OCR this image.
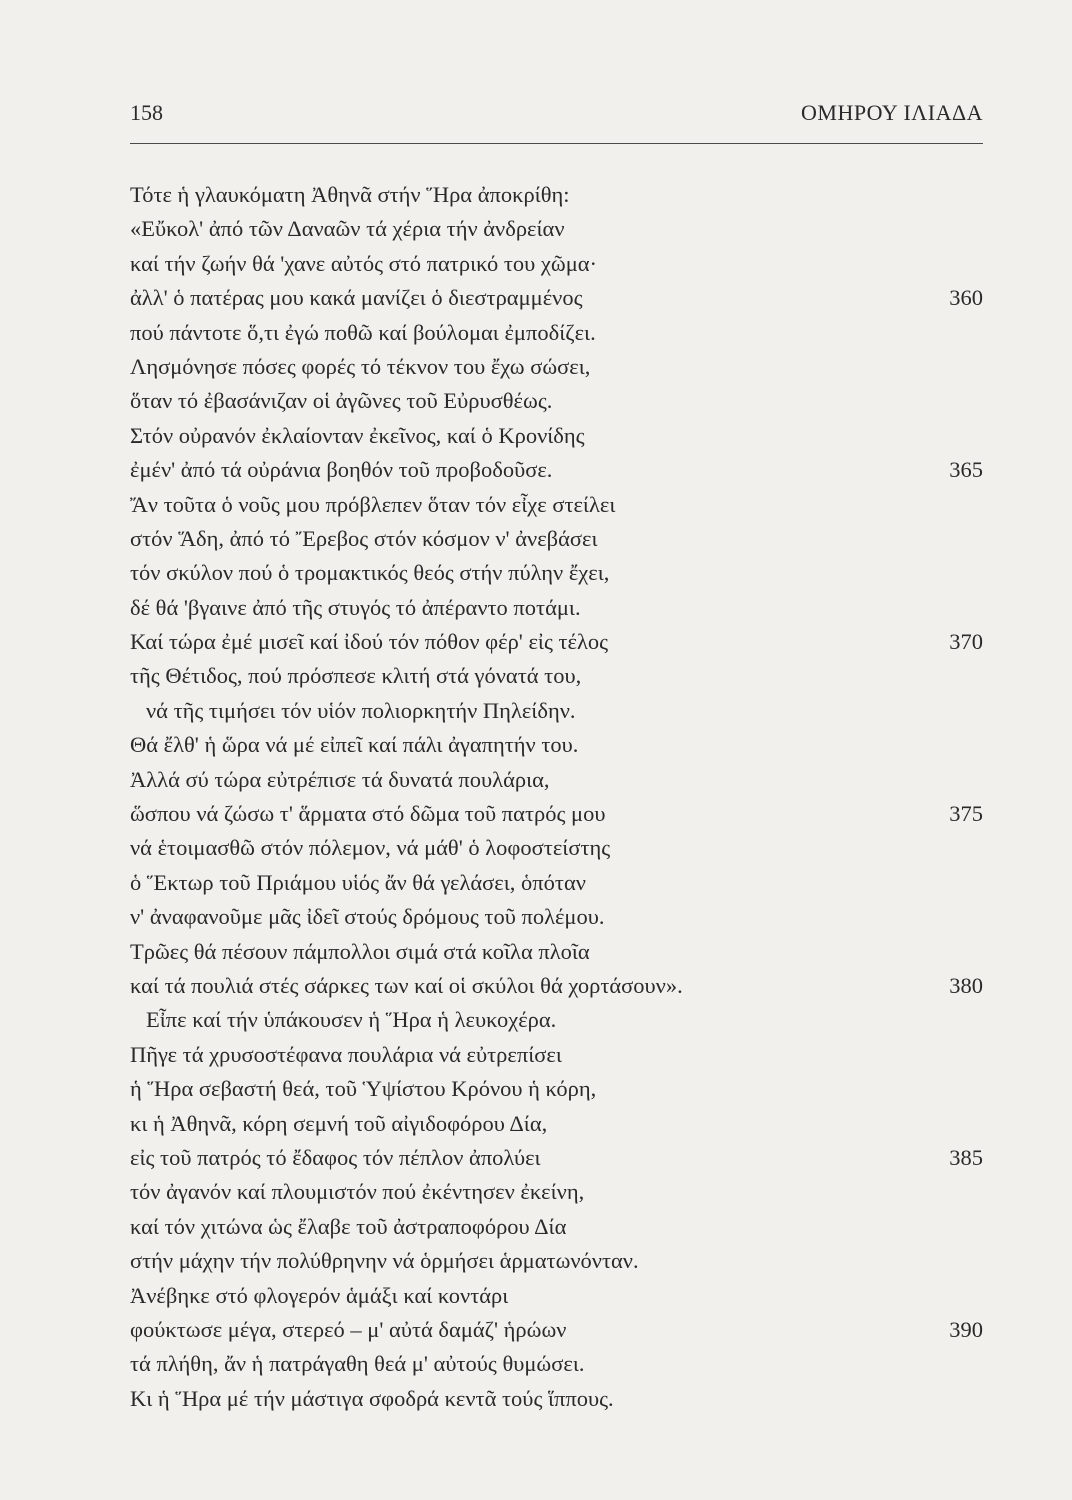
158	ΟΜΗΡΟΥ ΙΛΙΑΔΑ
Τότε ἡ γλαυκόματη Ἀθηνᾶ στήν Ἥρα ἀποκρίθη:
«Εὔκολ' ἀπό τῶν Δαναῶν τά χέρια τήν ἀνδρείαν
καί τήν ζωήν θά 'χανε αὐτός στό πατρικό του χῶμα·
ἀλλ' ὁ πατέρας μου κακά μανίζει ὁ διεστραμμένος	360
πού πάντοτε ὅ,τι ἐγώ ποθῶ καί βούλομαι ἐμποδίζει.
Λησμόνησε πόσες φορές τό τέκνον του ἔχω σώσει,
ὅταν τό ἐβασάνιζαν οἱ ἀγῶνες τοῦ Εὐρυσθέως.
Στόν οὐρανόν ἐκλαίονταν ἐκεῖνος, καί ὁ Κρονίδης
ἐμέν' ἀπό τά οὐράνια βοηθόν τοῦ προβοδοῦσε.	365
Ἄν τοῦτα ὁ νοῦς μου πρόβλεπεν ὅταν τόν εἶχε στείλει
στόν Ἅδη, ἀπό τό Ἔρεβος στόν κόσμον ν' ἀνεβάσει
τόν σκύλον πού ὁ τρομακτικός θεός στήν πύλην ἔχει,
δέ θά 'βγαινε ἀπό τῆς στυγός τό ἀπέραντο ποτάμι.
Καί τώρα ἐμέ μισεῖ καί ἰδού τόν πόθον φέρ' εἰς τέλος	370
τῆς Θέτιδος, πού πρόσπεσε κλιτή στά γόνατά του,
νά τῆς τιμήσει τόν υἱόν πολιορκητήν Πηλείδην.
Θά ἔλθ' ἡ ὥρα νά μέ εἰπεῖ καί πάλι ἀγαπητήν του.
Ἀλλά σύ τώρα εὐτρέπισε τά δυνατά πουλάρια,
ὥσπου νά ζώσω τ' ἅρματα στό δῶμα τοῦ πατρός μου	375
νά ἑτοιμασθῶ στόν πόλεμον, νά μάθ' ὁ λοφοστείστης
ὁ Ἕκτωρ τοῦ Πριάμου υἱός ἄν θά γελάσει, ὁπόταν
ν' ἀναφανοῦμε μᾶς ἰδεῖ στούς δρόμους τοῦ πολέμου.
Τρῶες θά πέσουν πάμπολλοι σιμά στά κοῖλα πλοῖα
καί τά πουλιά στές σάρκες των καί οἱ σκύλοι θά χορτάσουν».	380
Εἶπε καί τήν ὑπάκουσεν ἡ Ἥρα ἡ λευκοχέρα.
Πῆγε τά χρυσοστέφανα πουλάρια νά εὐτρεπίσει
ἡ Ἥρα σεβαστή θεά, τοῦ Ὑψίστου Κρόνου ἡ κόρη,
κι ἡ Ἀθηνᾶ, κόρη σεμνή τοῦ αἰγιδοφόρου Δία,
εἰς τοῦ πατρός τό ἔδαφος τόν πέπλον ἀπολύει	385
τόν ἀγανόν καί πλουμιστόν πού ἐκέντησεν ἐκείνη,
καί τόν χιτώνα ὡς ἔλαβε τοῦ ἀστραποφόρου Δία
στήν μάχην τήν πολύθρηνην νά ὁρμήσει ἁρματωνόνταν.
Ἀνέβηκε στό φλογερόν ἁμάξι καί κοντάρι
φούκτωσε μέγα, στερεό – μ' αὐτά δαμάζ' ἡρώων	390
τά πλήθη, ἄν ἡ πατράγαθη θεά μ' αὐτούς θυμώσει.
Κι ἡ Ἥρα μέ τήν μάστιγα σφοδρά κεντᾶ τούς ἵππους.
